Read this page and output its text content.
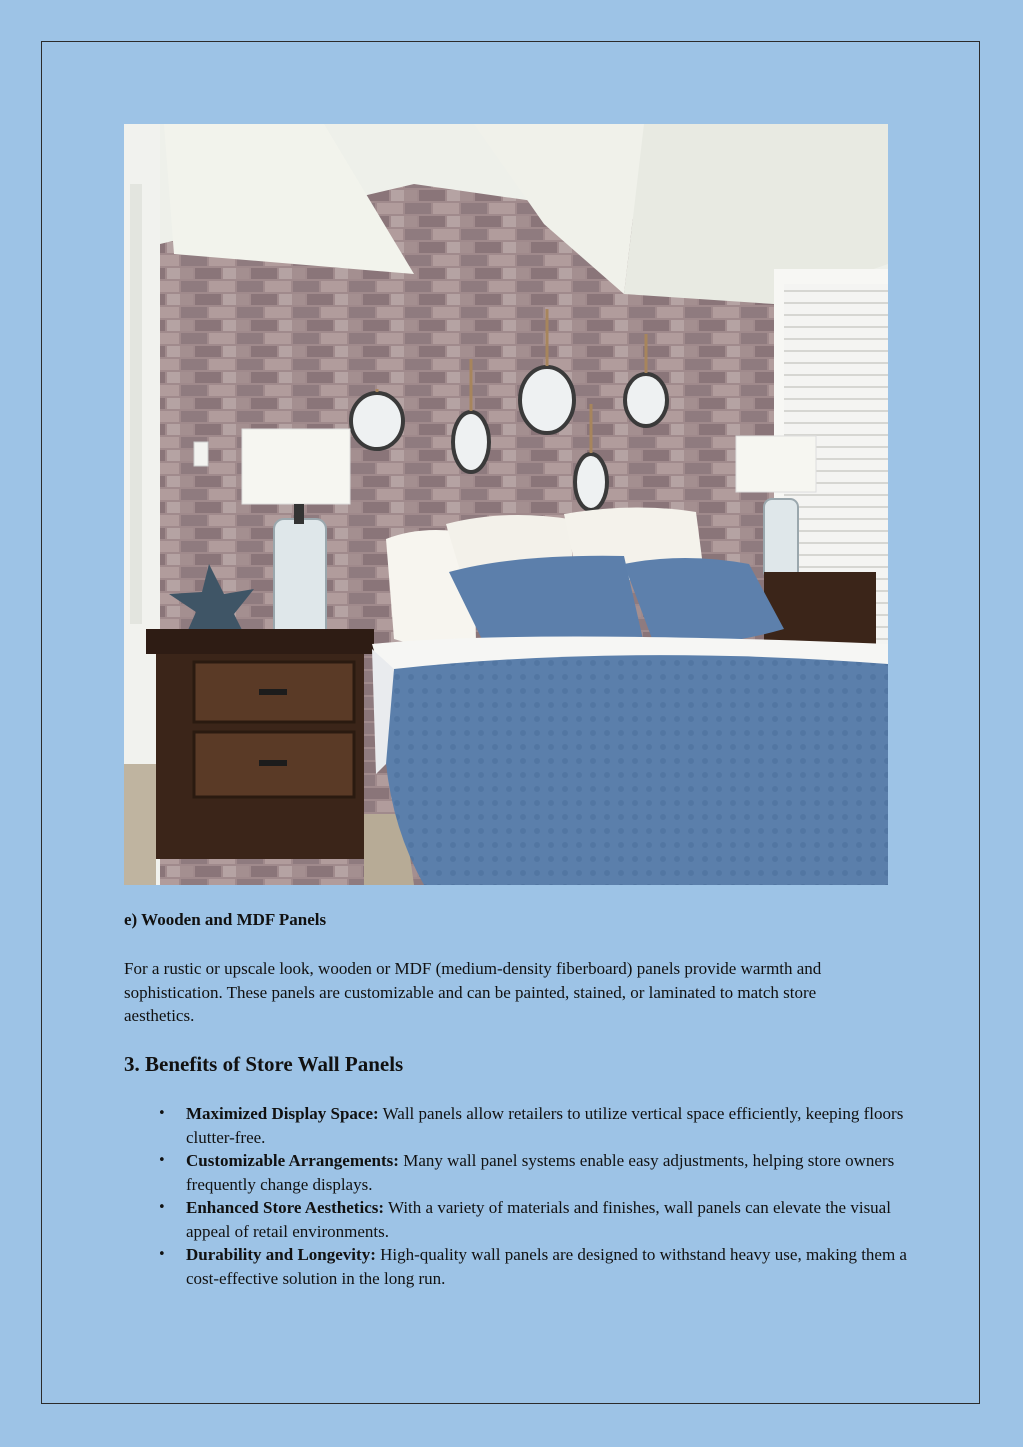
e) Wooden and MDF Panels

For a rustic or upscale look, wooden or MDF (medium-density fiberboard) panels provide warmth and sophistication. These panels are customizable and can be painted, stained, or laminated to match store aesthetics.

3. Benefits of Store Wall Panels
• Maximized Display Space: Wall panels allow retailers to utilize vertical space efficiently, keeping floors clutter-free.
• Customizable Arrangements: Many wall panel systems enable easy adjustments, helping store owners frequently change displays.
• Enhanced Store Aesthetics: With a variety of materials and finishes, wall panels can elevate the visual appeal of retail environments.
• Durability and Longevity: High-quality wall panels are designed to withstand heavy use, making them a cost-effective solution in the long run.
